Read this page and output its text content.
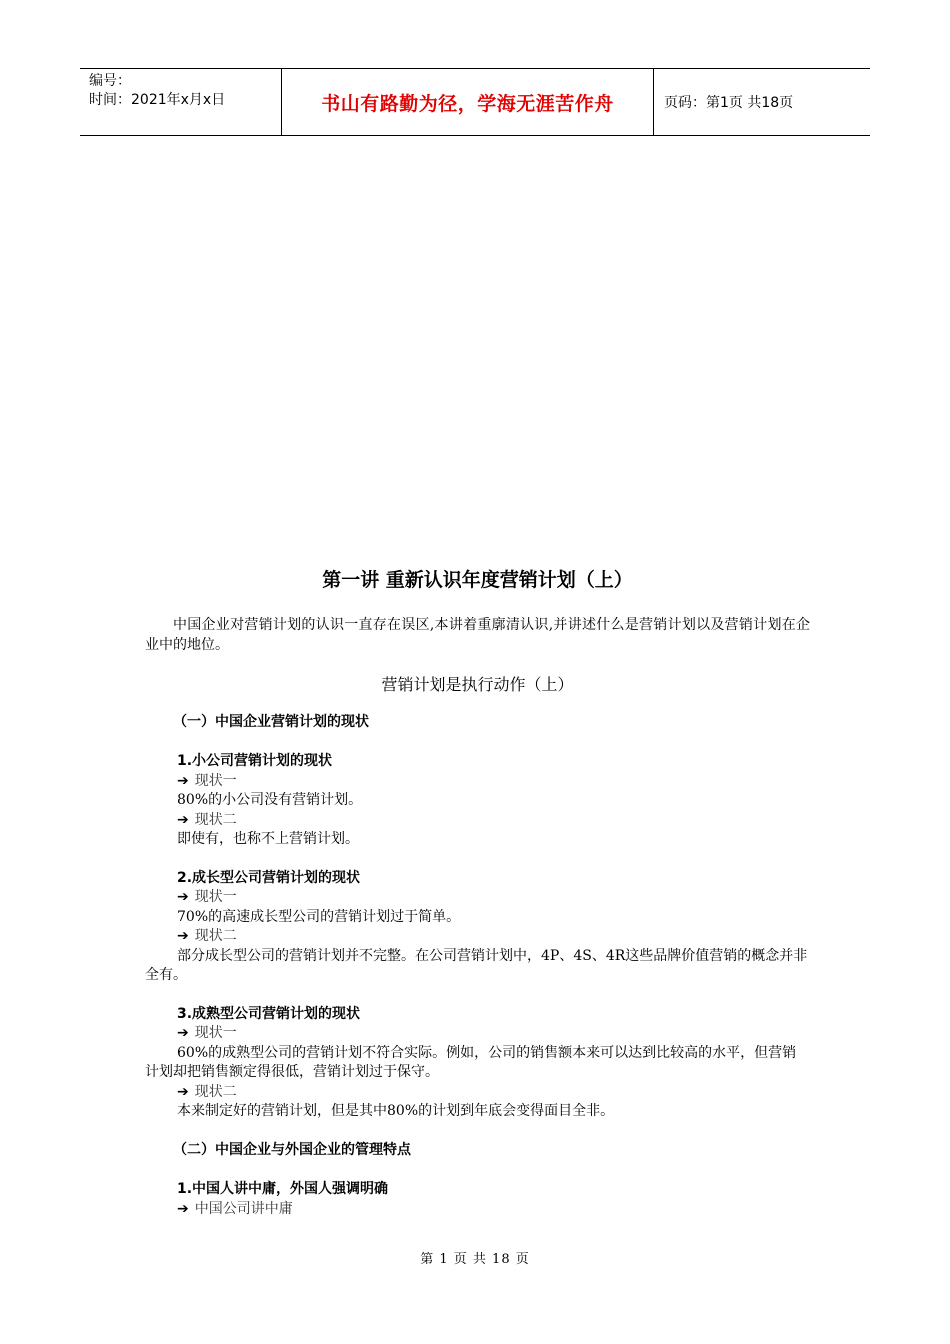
编号：
时间：2021年x月x日	书山有路勤为径，学海无涯苦作舟	页码：第1页 共18页
第一讲 重新认识年度营销计划（上）

中国企业对营销计划的认识一直存在误区,本讲着重廓清认识,并讲述什么是营销计划以及营销计划在企业中的地位。

营销计划是执行动作（上）
（一）中国企业营销计划的现状
1.小公司营销计划的现状
➔ 现状一
80%的小公司没有营销计划。
➔ 现状二
即使有，也称不上营销计划。
2.成长型公司营销计划的现状
➔ 现状一
70%的高速成长型公司的营销计划过于简单。
➔ 现状二
部分成长型公司的营销计划并不完整。在公司营销计划中，4P、4S、4R这些品牌价值营销的概念并非全有。
3.成熟型公司营销计划的现状
➔ 现状一
60%的成熟型公司的营销计划不符合实际。例如，公司的销售额本来可以达到比较高的水平，但营销计划却把销售额定得很低，营销计划过于保守。
➔ 现状二
本来制定好的营销计划，但是其中80%的计划到年底会变得面目全非。
（二）中国企业与外国企业的管理特点
1.中国人讲中庸，外国人强调明确
➔ 中国公司讲中庸
第 1 页 共 18 页
